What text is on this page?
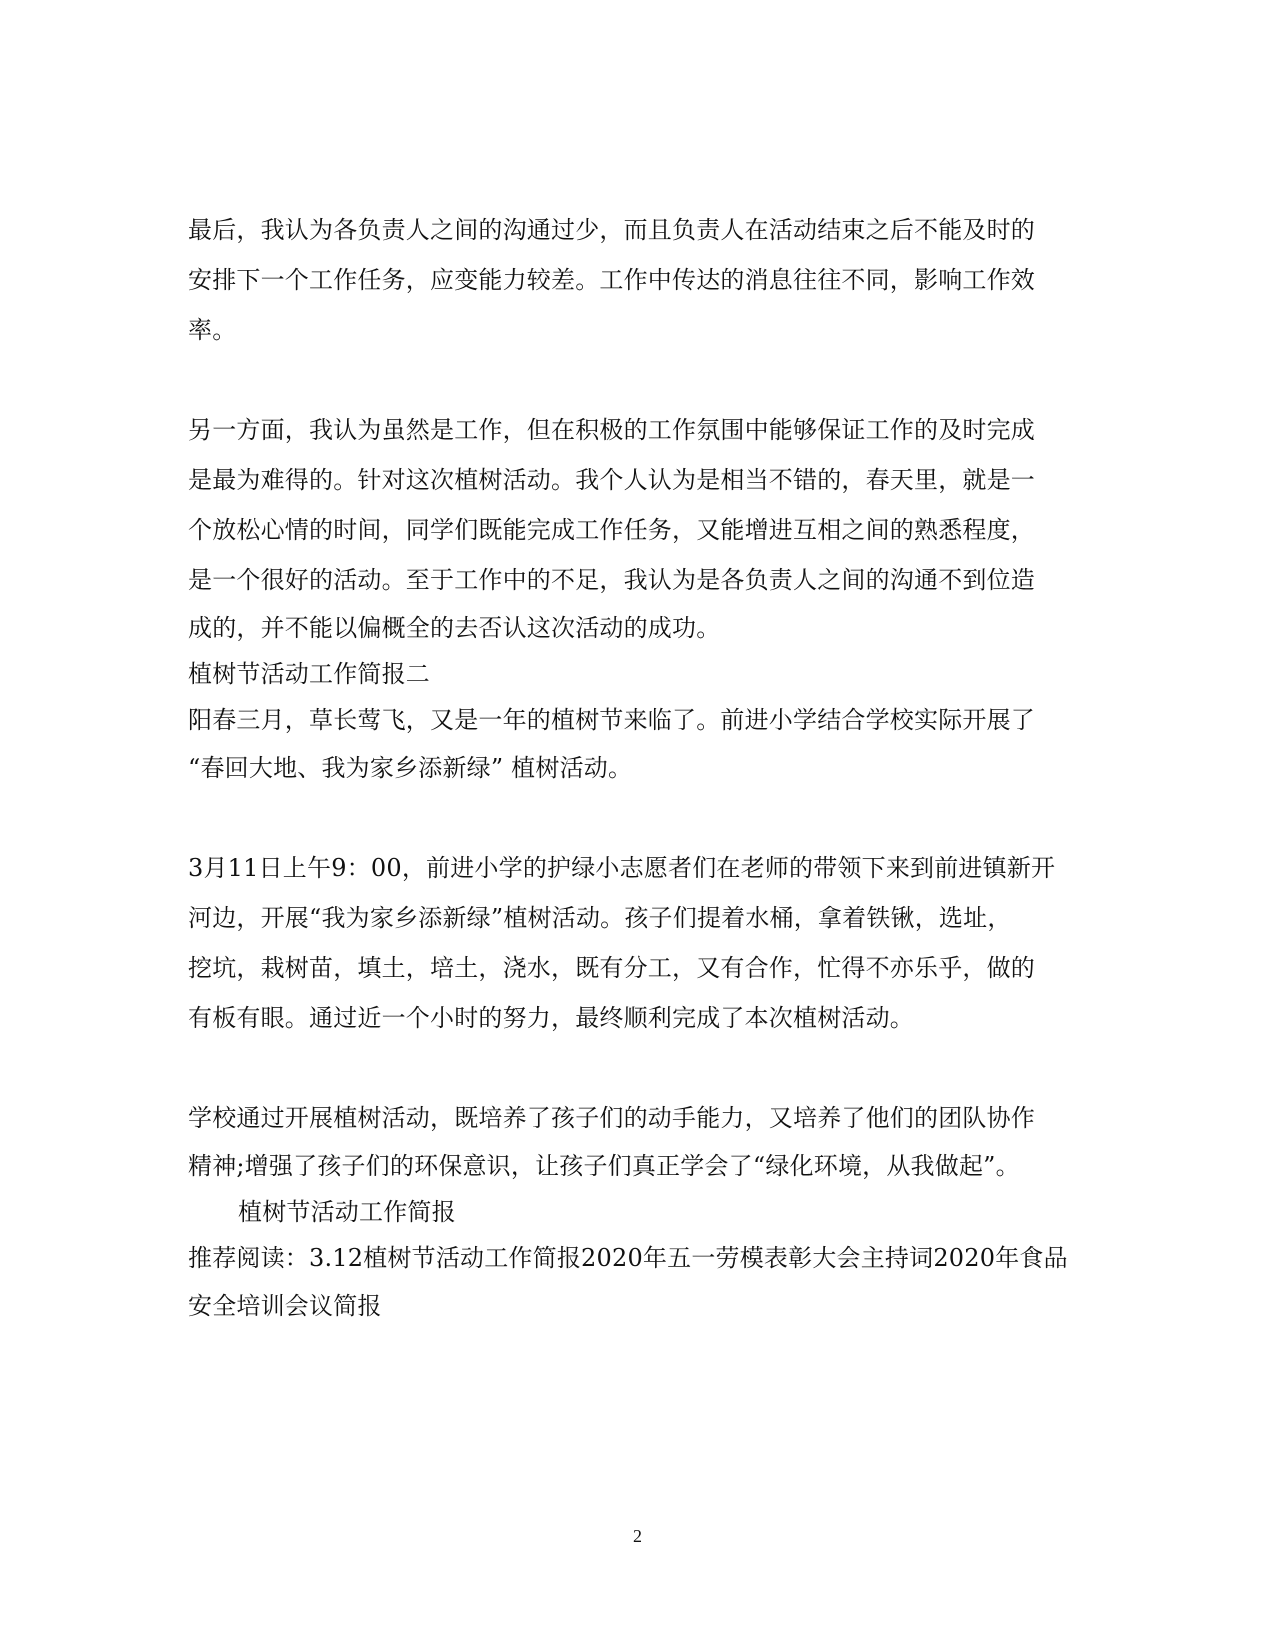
最后，我认为各负责人之间的沟通过少，而且负责人在活动结束之后不能及时的
安排下一个工作任务，应变能力较差。工作中传达的消息往往不同，影响工作效
率。
另一方面，我认为虽然是工作，但在积极的工作氛围中能够保证工作的及时完成
是最为难得的。针对这次植树活动。我个人认为是相当不错的，春天里，就是一
个放松心情的时间，同学们既能完成工作任务，又能增进互相之间的熟悉程度，
是一个很好的活动。至于工作中的不足，我认为是各负责人之间的沟通不到位造
成的，并不能以偏概全的去否认这次活动的成功。
植树节活动工作简报二
阳春三月，草长莺飞，又是一年的植树节来临了。前进小学结合学校实际开展了
“春回大地、我为家乡添新绿” 植树活动。
3月11日上午9：00，前进小学的护绿小志愿者们在老师的带领下来到前进镇新开
河边，开展“我为家乡添新绿”植树活动。孩子们提着水桶，拿着铁锹，选址，
挖坑，栽树苗，填土，培土，浇水，既有分工，又有合作，忙得不亦乐乎，做的
有板有眼。通过近一个小时的努力，最终顺利完成了本次植树活动。
学校通过开展植树活动，既培养了孩子们的动手能力，又培养了他们的团队协作
精神;增强了孩子们的环保意识，让孩子们真正学会了“绿化环境，从我做起”。
植树节活动工作简报
推荐阅读：3.12植树节活动工作简报2020年五一劳模表彰大会主持词2020年食品
安全培训会议简报
2
